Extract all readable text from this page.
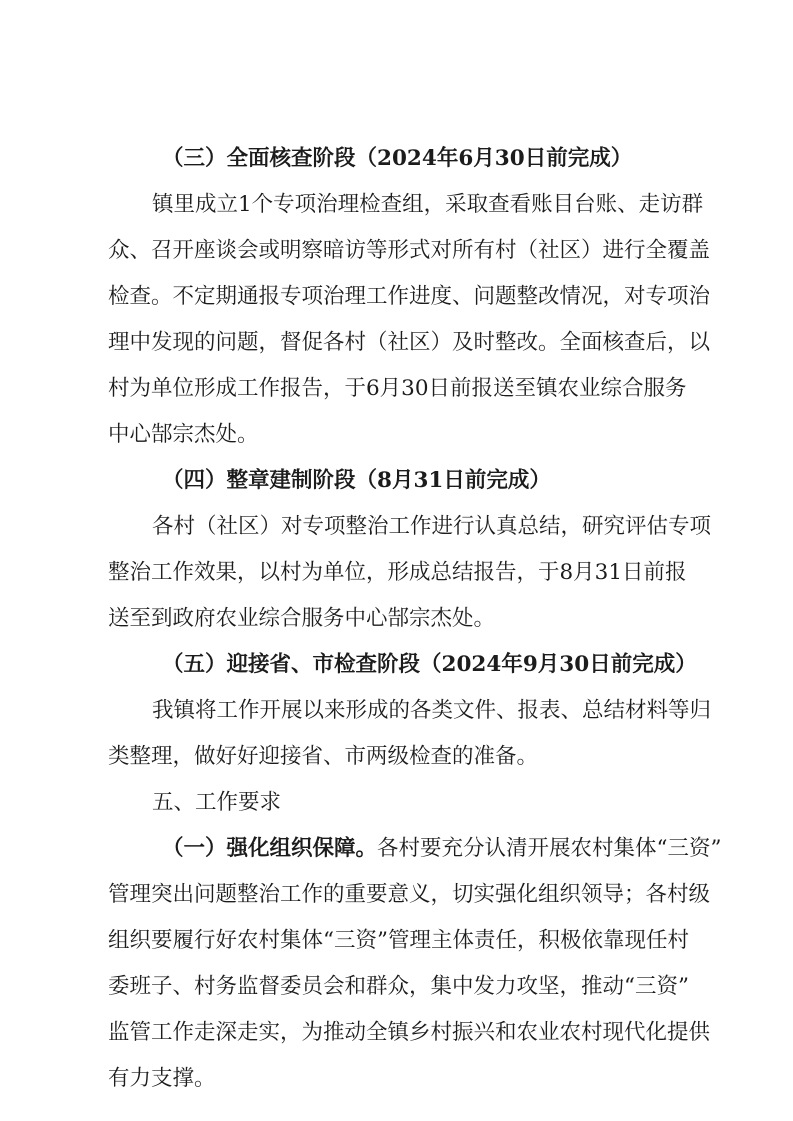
（三）全面核查阶段（2024年6月30日前完成）
镇里成立1个专项治理检查组，采取查看账目台账、走访群
众、召开座谈会或明察暗访等形式对所有村（社区）进行全覆盖
检查。不定期通报专项治理工作进度、问题整改情况，对专项治
理中发现的问题，督促各村（社区）及时整改。全面核查后，以
村为单位形成工作报告，于6月30日前报送至镇农业综合服务
中心郜宗杰处。
（四）整章建制阶段（8月31日前完成）
各村（社区）对专项整治工作进行认真总结，研究评估专项
整治工作效果，以村为单位，形成总结报告，于8月31日前报
送至到政府农业综合服务中心郜宗杰处。
（五）迎接省、市检查阶段（2024年9月30日前完成）
我镇将工作开展以来形成的各类文件、报表、总结材料等归
类整理，做好好迎接省、市两级检查的准备。
五、工作要求
（一）强化组织保障。各村要充分认清开展农村集体“三资”
管理突出问题整治工作的重要意义，切实强化组织领导；各村级
组织要履行好农村集体“三资”管理主体责任，积极依靠现任村
委班子、村务监督委员会和群众，集中发力攻坚，推动“三资”
监管工作走深走实，为推动全镇乡村振兴和农业农村现代化提供
有力支撑。
